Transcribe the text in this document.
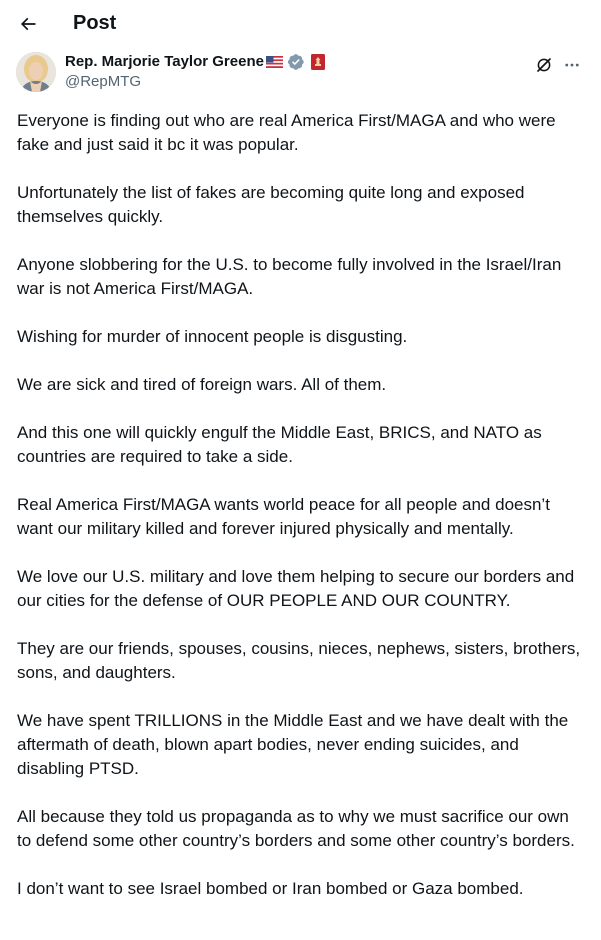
Post
Rep. Marjorie Taylor Greene
@RepMTG

Everyone is finding out who are real America First/MAGA and who were fake and just said it bc it was popular.

Unfortunately the list of fakes are becoming quite long and exposed themselves quickly.

Anyone slobbering for the U.S. to become fully involved in the Israel/Iran war is not America First/MAGA.

Wishing for murder of innocent people is disgusting.

We are sick and tired of foreign wars. All of them.

And this one will quickly engulf the Middle East, BRICS, and NATO as countries are required to take a side.

Real America First/MAGA wants world peace for all people and doesn’t want our military killed and forever injured physically and mentally.

We love our U.S. military and love them helping to secure our borders and our cities for the defense of OUR PEOPLE AND OUR COUNTRY.

They are our friends, spouses, cousins, nieces, nephews, sisters, brothers, sons, and daughters.

We have spent TRILLIONS in the Middle East and we have dealt with the aftermath of death, blown apart bodies, never ending suicides, and disabling PTSD.

All because they told us propaganda as to why we must sacrifice our own to defend some other country’s borders and some other country’s borders.

I don’t want to see Israel bombed or Iran bombed or Gaza bombed.
